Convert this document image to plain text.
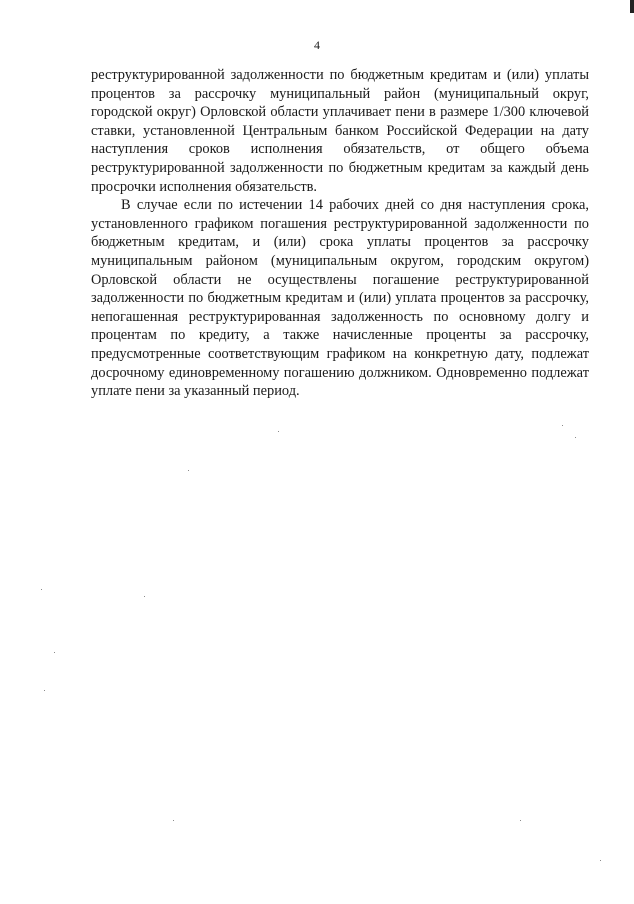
4

реструктурированной задолженности по бюджетным кредитам и (или) уплаты процентов за рассрочку муниципальный район (муниципальный округ, городской округ) Орловской области уплачивает пени в размере 1/300 ключевой ставки, установленной Центральным банком Российской Федерации на дату наступления сроков исполнения обязательств, от общего объема реструктурированной задолженности по бюджетным кредитам за каждый день просрочки исполнения обязательств.

В случае если по истечении 14 рабочих дней со дня наступления срока, установленного графиком погашения реструктурированной задолженности по бюджетным кредитам, и (или) срока уплаты процентов за рассрочку муниципальным районом (муниципальным округом, городским округом) Орловской области не осуществлены погашение реструктурированной задолженности по бюджетным кредитам и (или) уплата процентов за рассрочку, непогашенная реструктурированная задолженность по основному долгу и процентам по кредиту, а также начисленные проценты за рассрочку, предусмотренные соответствующим графиком на конкретную дату, подлежат досрочному единовременному погашению должником. Одновременно подлежат уплате пени за указанный период.
